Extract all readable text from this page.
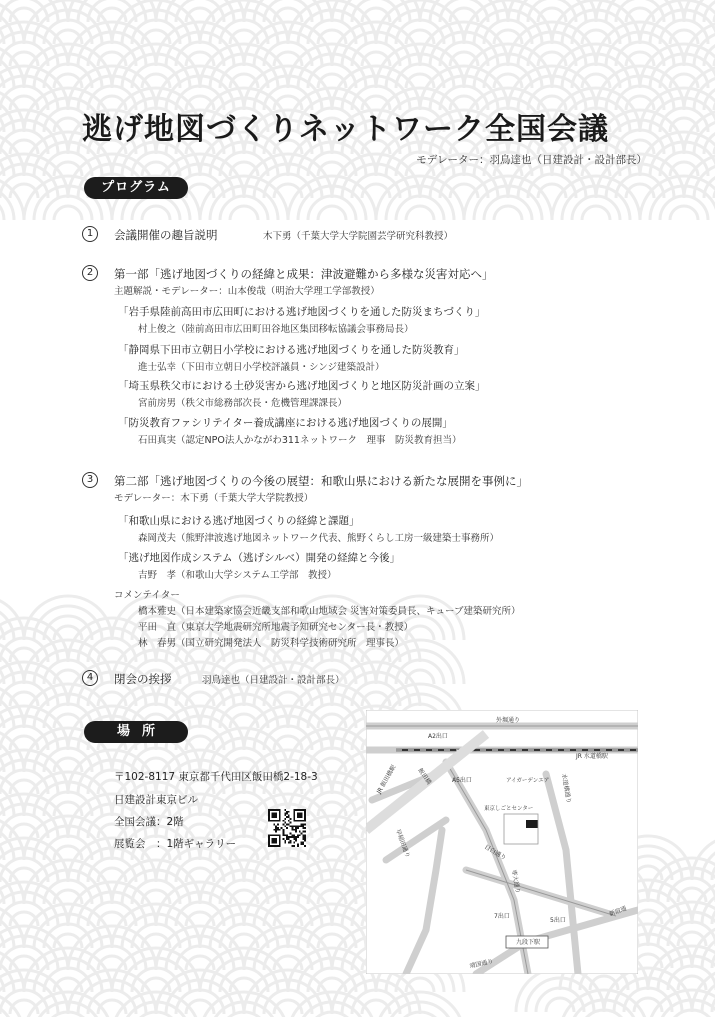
逃げ地図づくりネットワーク全国会議
モデレーター：羽鳥達也（日建設計・設計部長）
プログラム
1	会議開催の趣旨説明	木下勇（千葉大学大学院園芸学研究科教授）
2	第一部「逃げ地図づくりの経緯と成果：津波避難から多様な災害対応へ」
主題解説・モデレーター：山本俊哉（明治大学理工学部教授）
「岩手県陸前高田市広田町における逃げ地図づくりを通した防災まちづくり」
村上俊之（陸前高田市広田町田谷地区集団移転協議会事務局長）
「静岡県下田市立朝日小学校における逃げ地図づくりを通した防災教育」
進士弘幸（下田市立朝日小学校評議員・シンジ建築設計）
「埼玉県秩父市における土砂災害から逃げ地図づくりと地区防災計画の立案」
宮前房男（秩父市総務部次長・危機管理課課長）
「防災教育ファシリテイター養成講座における逃げ地図づくりの展開」
石田真実（認定NPO法人かながわ311ネットワーク　理事　防災教育担当）
3	第二部「逃げ地図づくりの今後の展望：和歌山県における新たな展開を事例に」
モデレーター：木下勇（千葉大学大学院教授）
「和歌山県における逃げ地図づくりの経緯と課題」
森岡茂夫（熊野津波逃げ地図ネットワーク代表、熊野くらし工房一級建築士事務所）
「逃げ地図作成システム（逃げシルベ）開発の経緯と今後」
吉野　孝（和歌山大学システム工学部　教授）
コメンテイター
橋本雅史（日本建築家協会近畿支部和歌山地域会 災害対策委員長、キューブ建築研究所）
平田　直（東京大学地震研究所地震予知研究センター長・教授）
林　春男（国立研究開発法人　防災科学技術研究所　理事長）
4	閉会の挨拶	羽鳥達也（日建設計・設計部長）
場所
〒102-8117 東京都千代田区飯田橋2-18-3
日建設計東京ビル
全国会議：2階
展覧会　：1階ギャラリー
外堀通り
A2出口
JR 水道橋駅
JR 飯田橋駅	飯田橋	A5出口	アイガーデンエア
東京しごとセンター
目白通り
早稲田通り
水道橋通り
専大通り
7出口
5出口
九段下駅
靖国通り
新宿通
